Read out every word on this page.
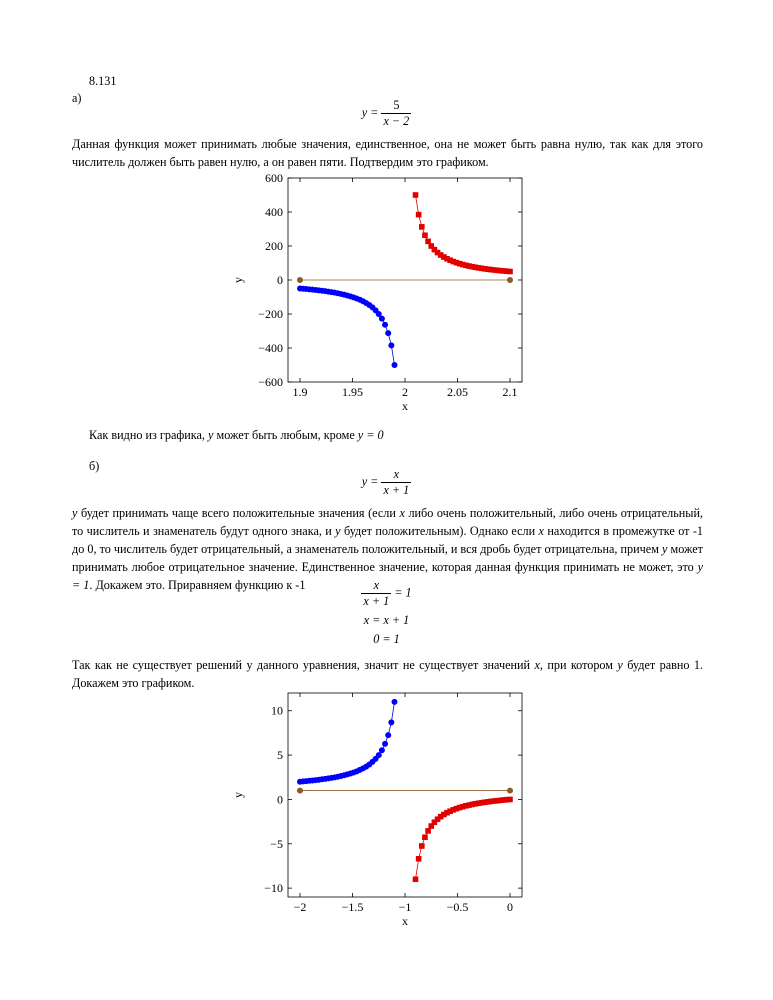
8.131
а)
$y = \frac{5}{x - 2}$
Данная функция может принимать любые значения, единственное, она не может быть равна нулю, так как для этого числитель должен быть равен нулю, а он равен пяти. Подтвердим это графиком.
1.9	1.95	2	2.05	2.1
−600
−400
−200
0
200
400
600
x
y
Как видно из графика, y может быть любым, кроме y = 0
б)
$y = \frac{x}{x + 1}$
y будет принимать чаще всего положительные значения (если x либо очень положительный, либо очень отрицательный, то числитель и знаменатель будут одного знака, и y будет положительным). Однако если x находится в промежутке от -1 до 0, то числитель будет отрицательный, а знаменатель положительный, и вся дробь будет отрицательна, причем y может принимать любое отрицательное значение. Единственное значение, которая данная функция принимать не может, это y = 1. Докажем это. Приравняем функцию к -1	$\frac{x}{x + 1} = 1$
x = x + 1
0 = 1
Так как не существует решений у данного уравнения, значит не существует значений x, при котором y будет равно 1. Докажем это графиком.
−2	−1.5	−1	−0.5	0
−10
−5
0
5
10
x
y
